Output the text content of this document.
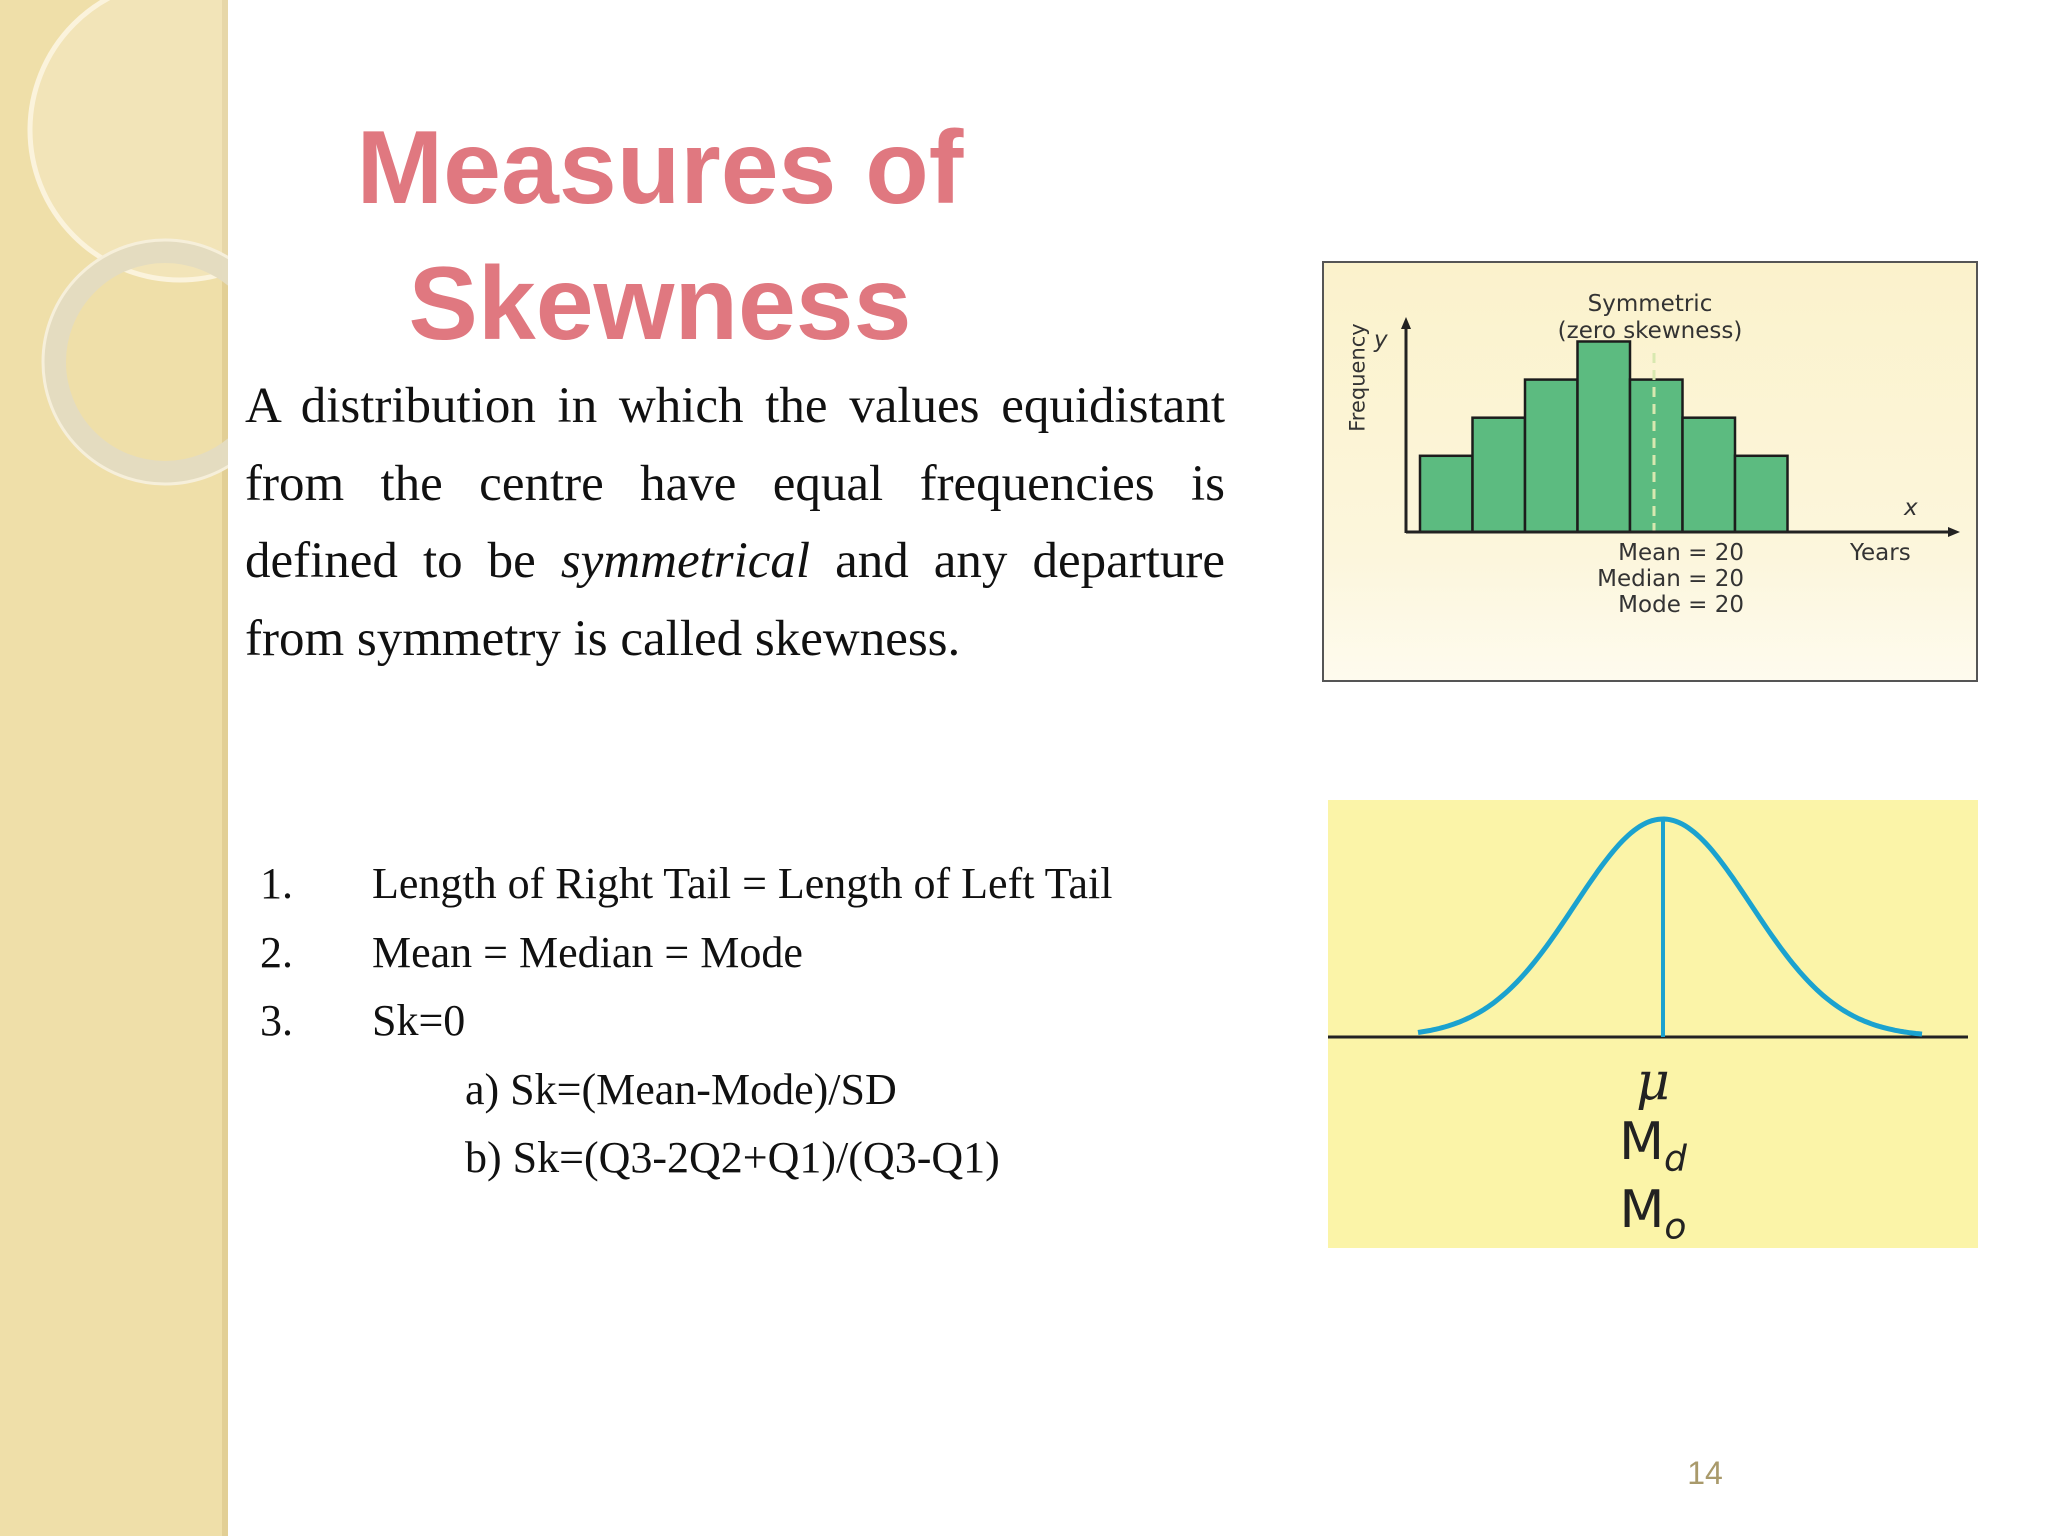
Measures of
Skewness

A distribution in which the values equidistant from the centre have equal frequencies is defined to be symmetrical and any departure from symmetry is called skewness.

1.	Length of Right Tail = Length of Left Tail
2.	Mean = Median = Mode
3.	Sk=0
a) Sk=(Mean-Mode)/SD
b) Sk=(Q3-2Q2+Q1)/(Q3-Q1)
Symmetric
(zero skewness)
y
Frequency
x
Years
Mean = 20
Median = 20
Mode = 20
μ
$M_d$
$M_o$
14
